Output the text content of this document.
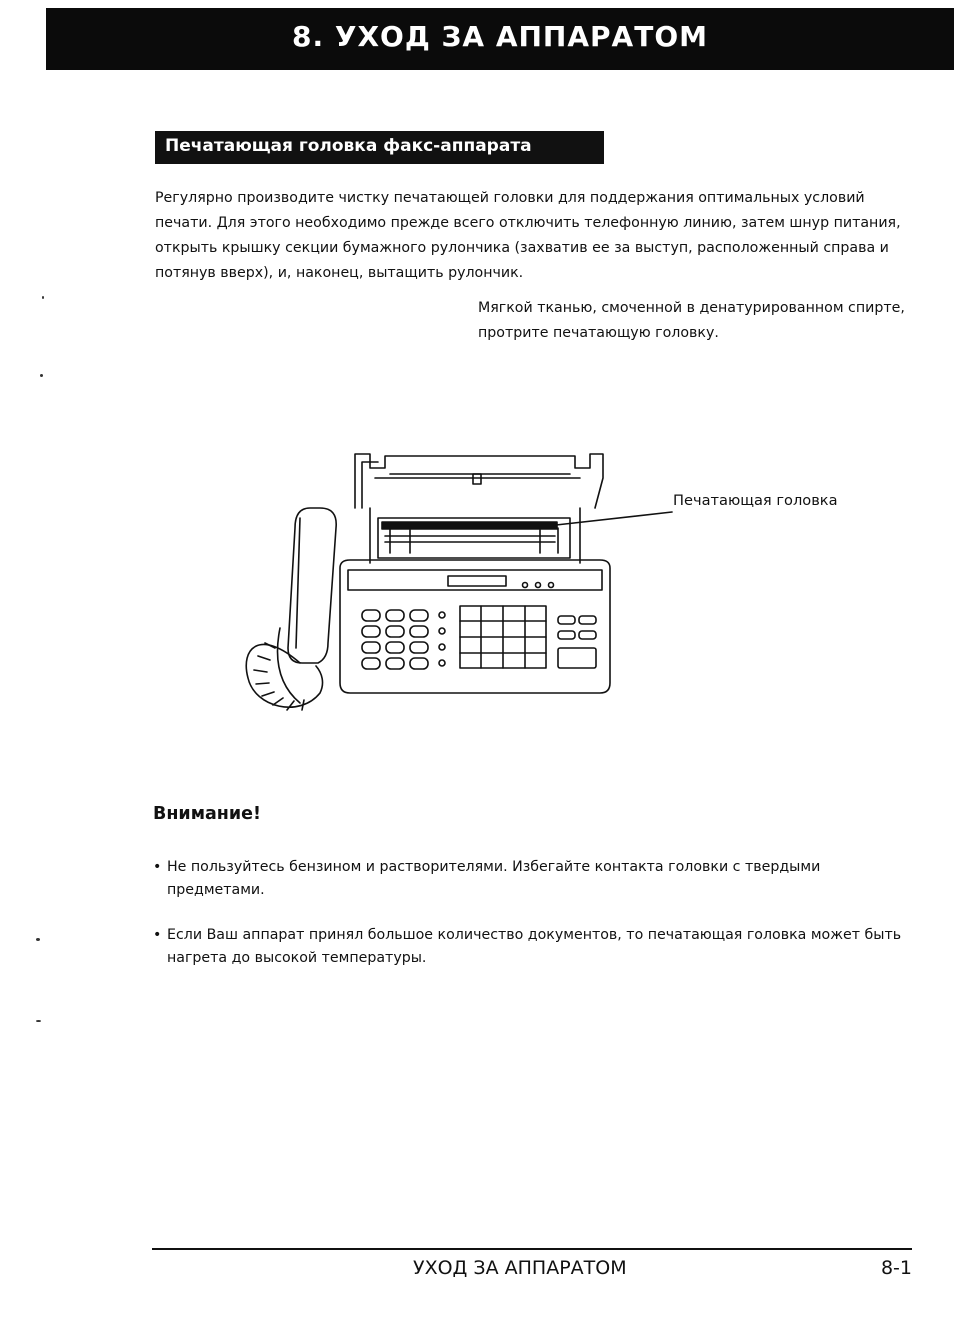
8. УХОД ЗА АППАРАТОМ
Печатающая головка факс-аппарата

Регулярно производите чистку печатающей головки для поддержания оптимальных условий печати. Для этого необходимо прежде всего отключить телефонную линию, затем шнур питания, открыть крышку секции бумажного рулончика (захватив ее за выступ, расположенный справа и потянув вверх), и, наконец, вытащить рулончик.

Мягкой тканью, смоченной в денатурированном спирте, протрите печатающую головку.

Печатающая головка
Внимание!
• Не пользуйтесь бензином и растворителями. Избегайте контакта головки с твердыми предметами.
• Если Ваш аппарат принял большое количество документов, то печатающая головка может быть нагрета до высокой температуры.
УХОД ЗА АППАРАТОМ	8-1
